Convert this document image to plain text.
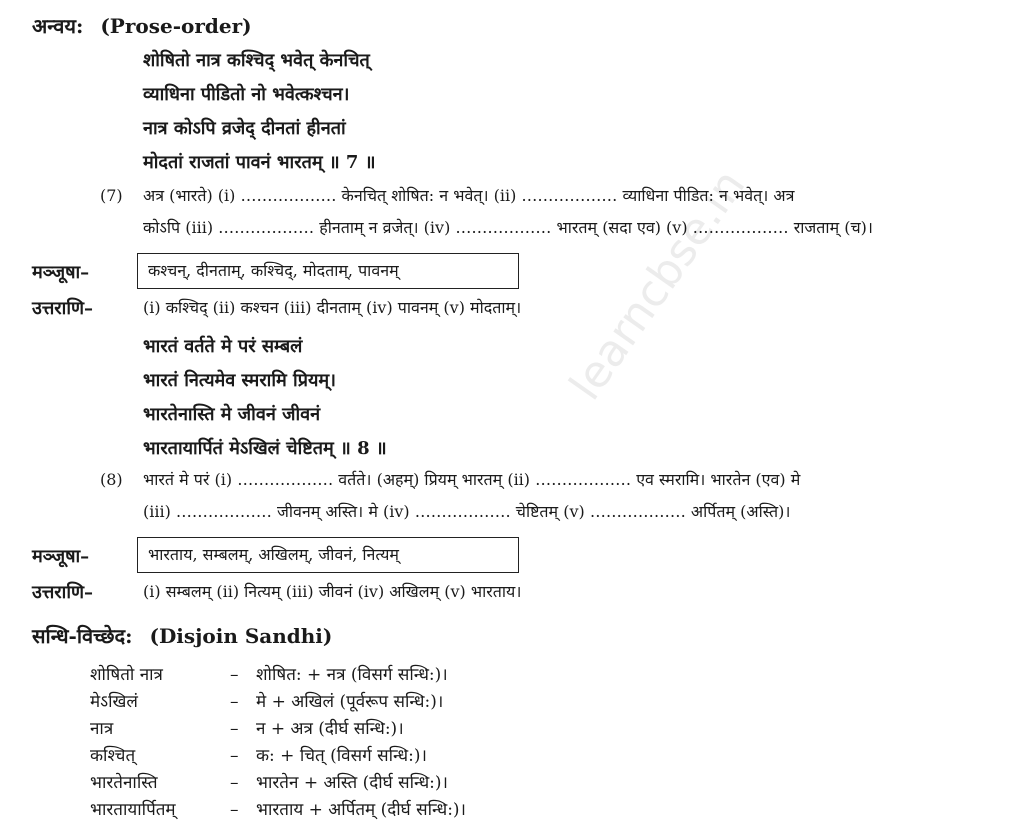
learncbse.in
अन्वय: (Prose-order)
शोषितो नात्र कश्चिद् भवेत् केनचित्
व्याधिना पीडितो नो भवेत्कश्चन।
नात्र कोऽपि व्रजेद् दीनतां हीनतां
मोदतां राजतां पावनं भारतम् ॥ 7 ॥
(7) अत्र (भारते) (i) ……………… केनचित् शोषित: न भवेत्। (ii) ……………… व्याधिना पीडित: न भवेत्। अत्र
कोऽपि (iii) ……………… हीनताम् न व्रजेत्। (iv) ……………… भारतम् (सदा एव) (v) ……………… राजताम् (च)।
मञ्जूषा–	कश्चन्, दीनताम्, कश्चिद्, मोदताम्, पावनम्
उत्तराणि–	(i) कश्चिद् (ii) कश्चन (iii) दीनताम् (iv) पावनम् (v) मोदताम्।
भारतं वर्तते मे परं सम्बलं
भारतं नित्यमेव स्मरामि प्रियम्।
भारतेनास्ति मे जीवनं जीवनं
भारतायार्पितं मेऽखिलं चेष्टितम् ॥ 8 ॥
(8) भारतं मे परं (i) ……………… वर्तते। (अहम्) प्रियम् भारतम् (ii) ……………… एव स्मरामि। भारतेन (एव) मे
(iii) ……………… जीवनम् अस्ति। मे (iv) ……………… चेष्टितम् (v) ……………… अर्पितम् (अस्ति)।
मञ्जूषा–	भारताय, सम्बलम्, अखिलम्, जीवनं, नित्यम्
उत्तराणि–	(i) सम्बलम् (ii) नित्यम् (iii) जीवनं (iv) अखिलम् (v) भारताय।
सन्धि-विच्छेद: (Disjoin Sandhi)
शोषितो नात्र	– शोषित: + नत्र (विसर्ग सन्धि:)।
मेऽखिलं	– मे + अखिलं (पूर्वरूप सन्धि:)।
नात्र	– न + अत्र (दीर्घ सन्धि:)।
कश्चित्	– क: + चित् (विसर्ग सन्धि:)।
भारतेनास्ति	– भारतेन + अस्ति (दीर्घ सन्धि:)।
भारतायार्पितम्	– भारताय + अर्पितम् (दीर्घ सन्धि:)।
